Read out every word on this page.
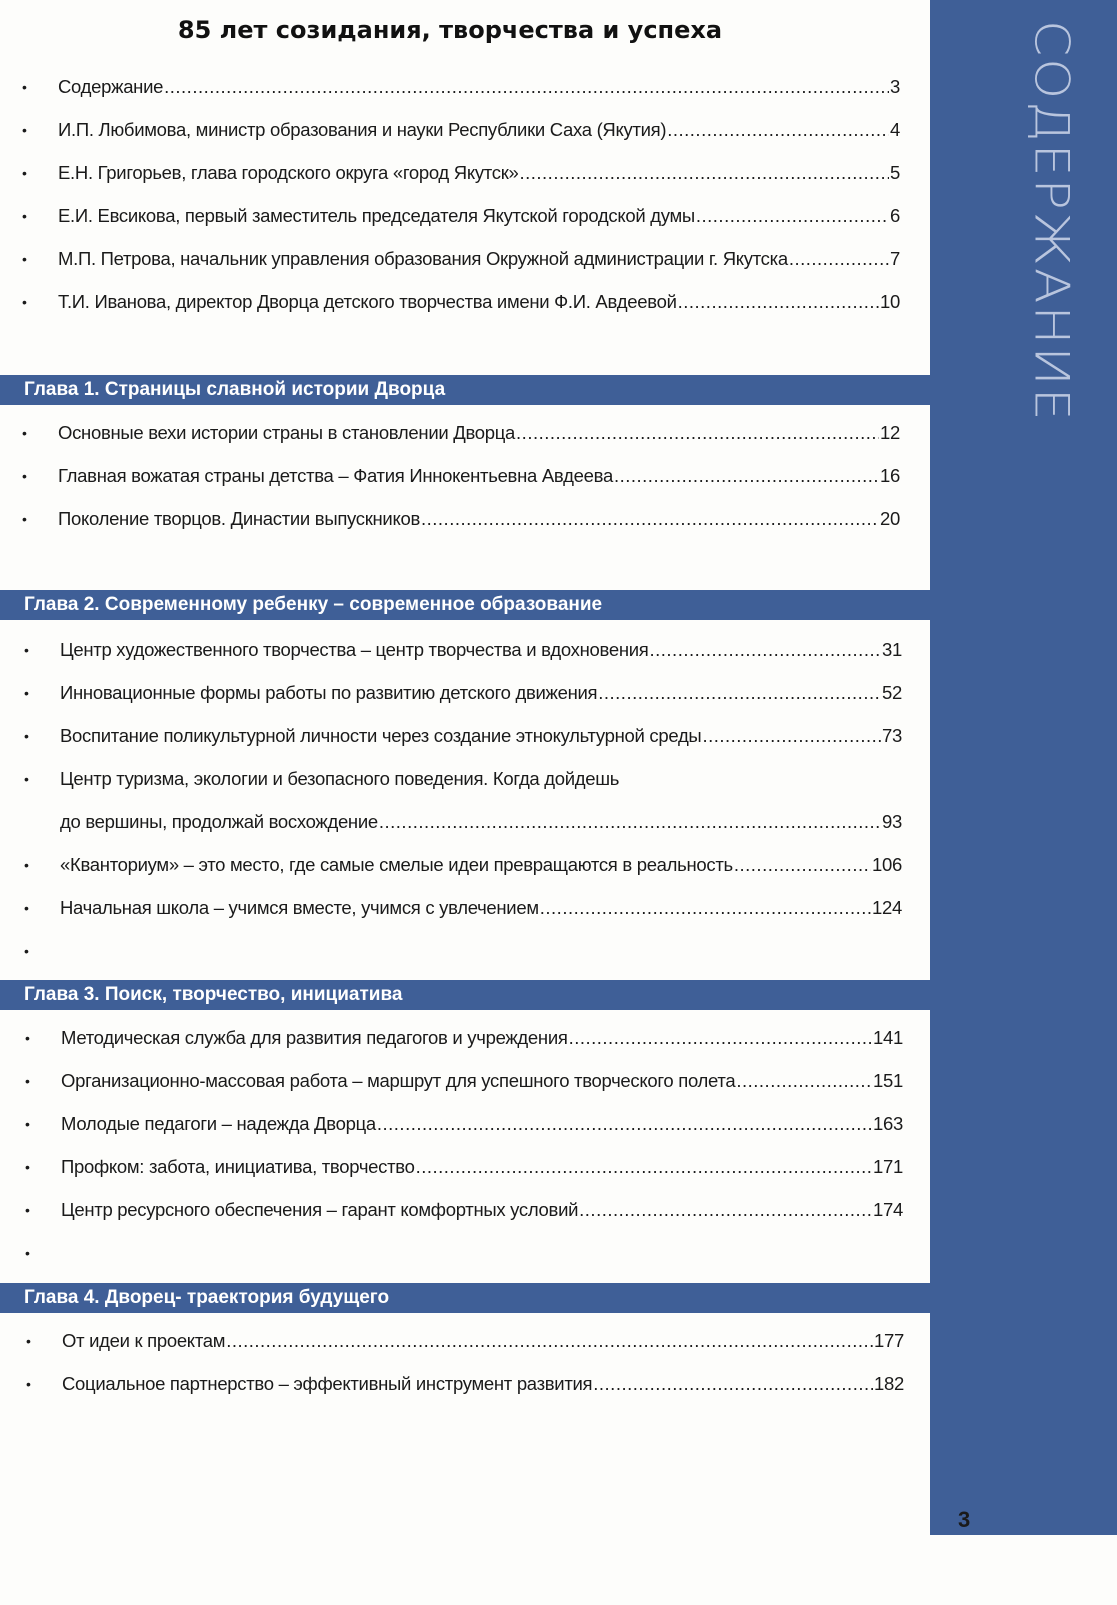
СОДЕРЖАНИЕ
85 лет созидания, творчества и успеха
•	Содержание .....	3
•	И.П. Любимова, министр образования и науки Республики Саха (Якутия) .....	4
•	Е.Н. Григорьев, глава городского округа «город Якутск» .....	5
•	Е.И. Евсикова, первый заместитель председателя Якутской городской думы .....	6
•	М.П. Петрова, начальник управления образования Окружной администрации г. Якутска .....	7
•	Т.И. Иванова, директор Дворца детского творчества имени Ф.И. Авдеевой .....	10
Глава 1. Страницы славной истории Дворца
•	Основные вехи истории страны в становлении Дворца .....	12
•	Главная вожатая страны детства – Фатия Иннокентьевна Авдеева .....	16
•	Поколение творцов. Династии выпускников .....	20
Глава 2. Современному ребенку – современное образование
•	Центр художественного творчества – центр творчества и вдохновения .....	31
•	Инновационные формы работы по развитию детского движения .....	52
•	Воспитание поликультурной личности через создание этнокультурной среды .....	73
•	Центр туризма, экологии и безопасного поведения. Когда дойдешь
до вершины, продолжай восхождение .....	93
•	«Кванториум» – это место, где самые смелые идеи превращаются в реальность .....	106
•	Начальная школа – учимся вместе, учимся с увлечением .....	124
•
Глава 3. Поиск, творчество, инициатива
•	Методическая служба для развития педагогов и учреждения .....	141
•	Организационно-массовая работа – маршрут для успешного творческого полета .....	151
•	Молодые педагоги – надежда Дворца .....	163
•	Профком: забота, инициатива, творчество .....	171
•	Центр ресурсного обеспечения – гарант комфортных условий .....	174
•
Глава 4. Дворец- траектория будущего
•	От идеи к проектам .....	177
•	Социальное партнерство – эффективный инструмент развития .....	182
3
